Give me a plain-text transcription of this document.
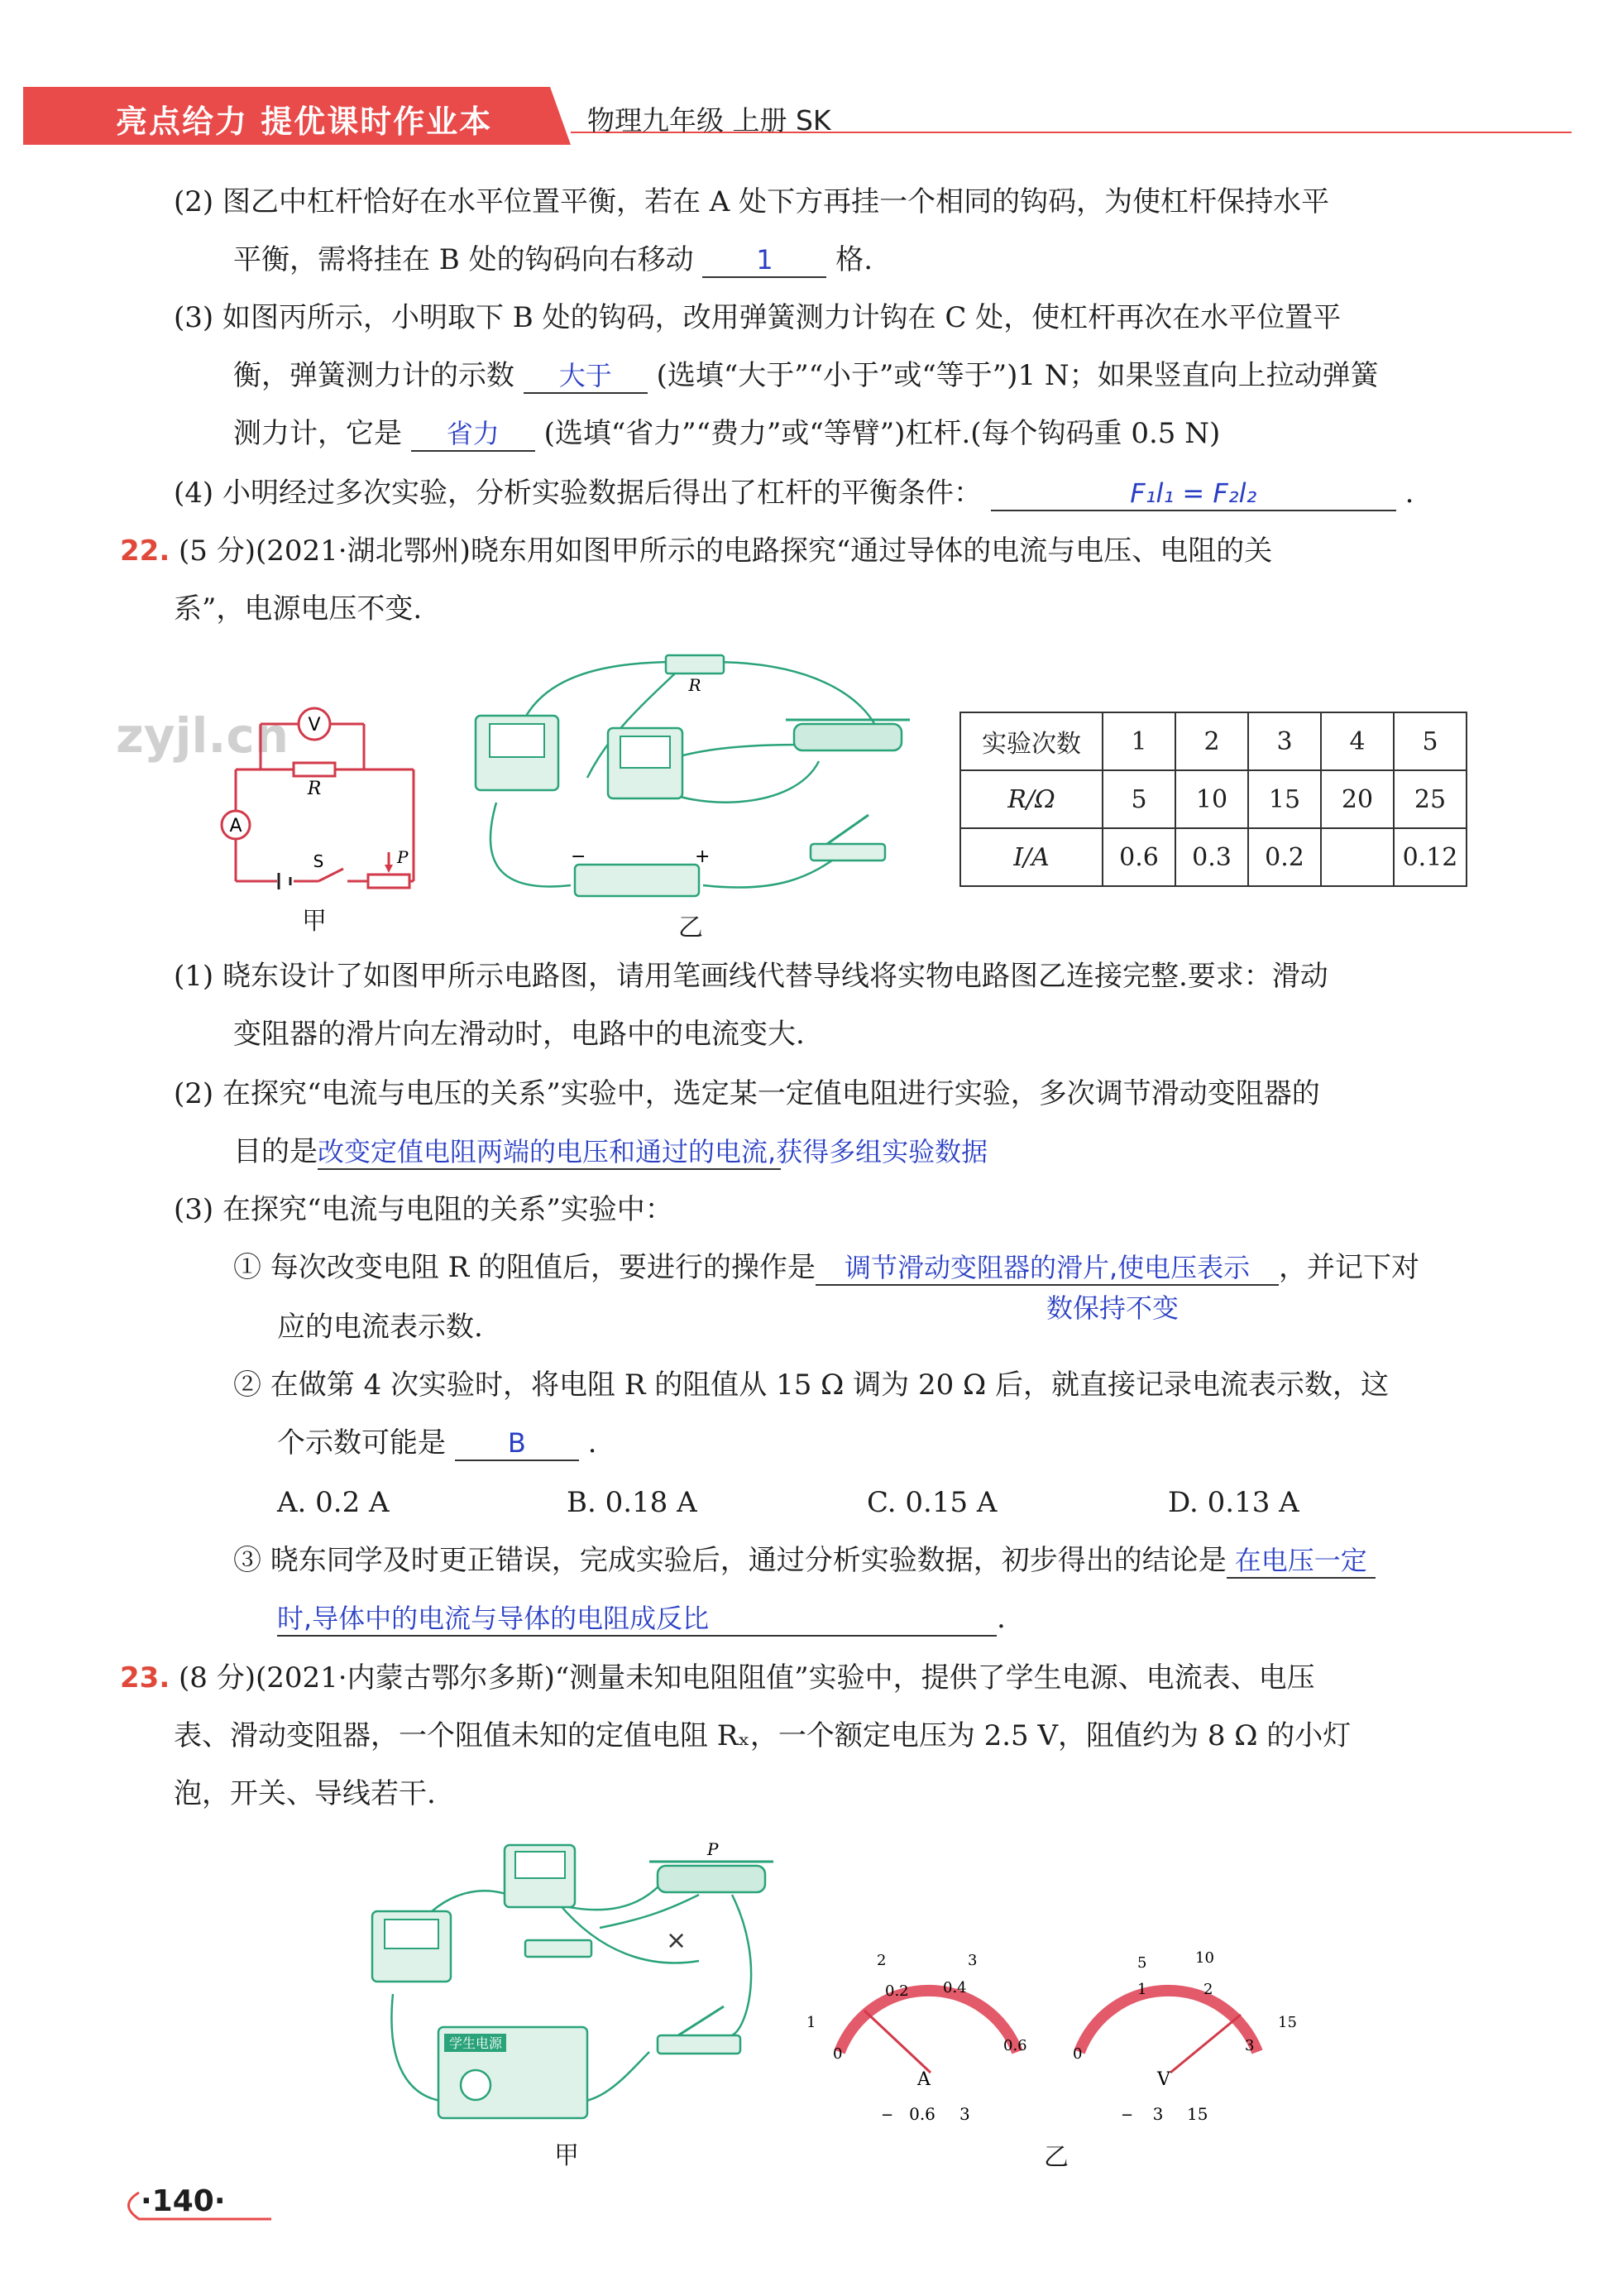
亮点给力 提优课时作业本	物理九年级 上册 SK
(2) 图乙中杠杆恰好在水平位置平衡，若在 A 处下方再挂一个相同的钩码，为使杠杆保持水平
平衡，需将挂在 B 处的钩码向右移动 1 格.
(3) 如图丙所示，小明取下 B 处的钩码，改用弹簧测力计钩在 C 处，使杠杆再次在水平位置平
衡，弹簧测力计的示数 大于 (选填“大于”“小于”或“等于”)1 N；如果竖直向上拉动弹簧
测力计，它是 省力 (选填“省力”“费力”或“等臂”)杠杆.(每个钩码重 0.5 N)
(4) 小明经过多次实验，分析实验数据后得出了杠杆的平衡条件：	F₁l₁ = F₂l₂	.
22. (5 分)(2021·湖北鄂州)晓东用如图甲所示的电路探究“通过导体的电流与电压、电阻的关
系”，电源电压不变.
zyjl.cn V
R
A
S	P
甲
R
−	+
乙
实验次数	1	2	3	4	5
R/Ω	5	10	15	20	25
I/A	0.6	0.3	0.2		0.12
(1) 晓东设计了如图甲所示电路图，请用笔画线代替导线将实物电路图乙连接完整.要求：滑动
变阻器的滑片向左滑动时，电路中的电流变大.
(2) 在探究“电流与电压的关系”实验中，选定某一定值电阻进行实验，多次调节滑动变阻器的
目的是改变定值电阻两端的电压和通过的电流,获得多组实验数据
(3) 在探究“电流与电阻的关系”实验中：
① 每次改变电阻 R 的阻值后，要进行的操作是 调节滑动变阻器的滑片,使电压表示 ，并记下对
数保持不变
应的电流表示数.
② 在做第 4 次实验时，将电阻 R 的阻值从 15 Ω 调为 20 Ω 后，就直接记录电流表示数，这
个示数可能是 B .
A. 0.2 A	B. 0.18 A	C. 0.15 A	D. 0.13 A
③ 晓东同学及时更正错误，完成实验后，通过分析实验数据，初步得出的结论是 在电压一定
时,导体中的电流与导体的电阻成反比	.
23. (8 分)(2021·内蒙古鄂尔多斯)“测量未知电阻阻值”实验中，提供了学生电源、电流表、电压
表、滑动变阻器，一个阻值未知的定值电阻 Rₓ，一个额定电压为 2.5 V，阻值约为 8 Ω 的小灯
泡，开关、导线若干.
P
×
学生电源
甲
0
0.2 0.4
0.6
1
2	3
A
− 0.6 3
0
1	2
3
5	10
15
V
− 3 15
乙
·140·
